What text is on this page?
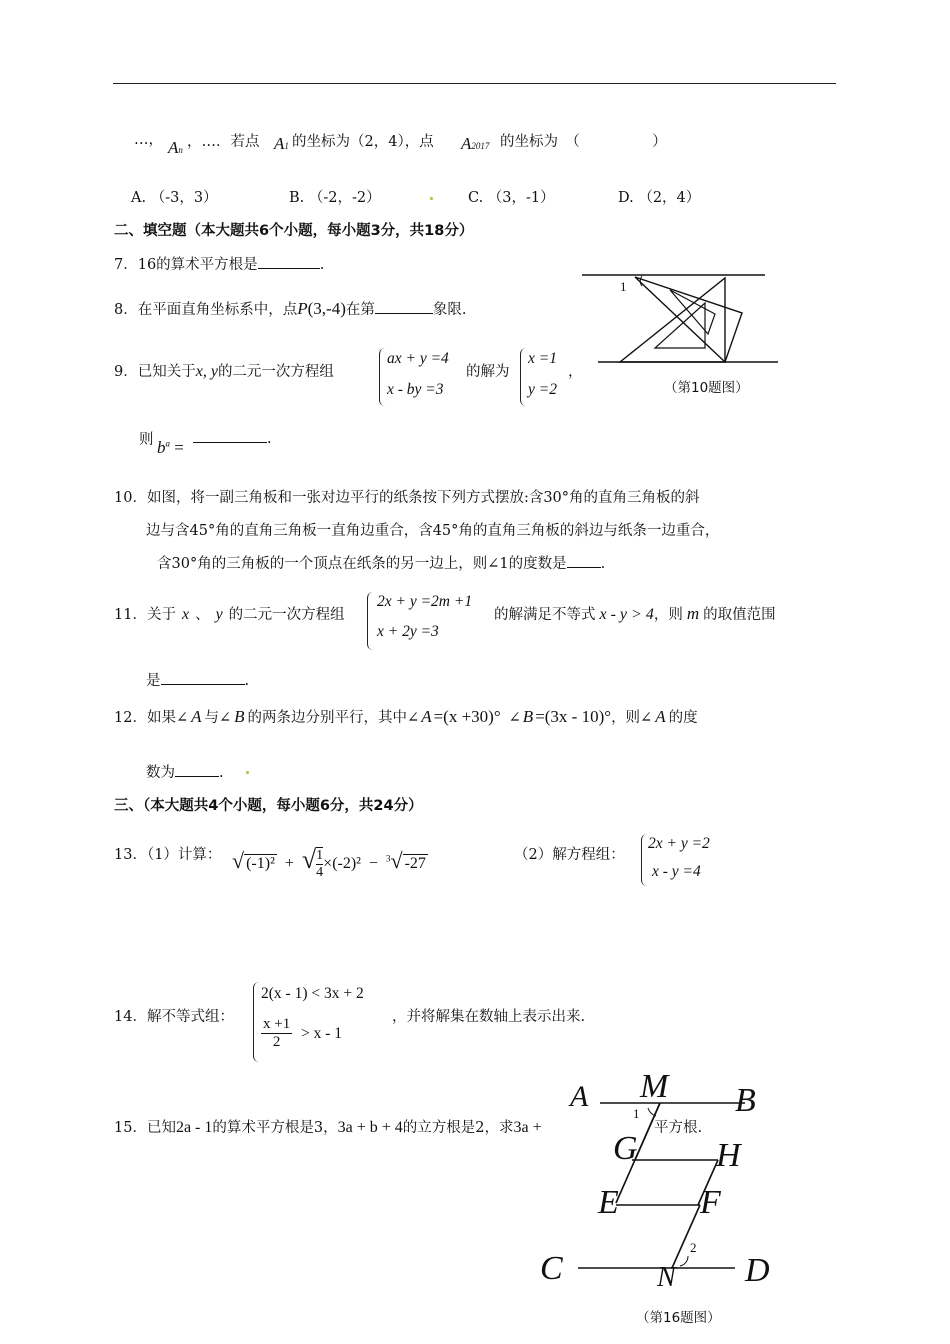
…， An ，…．若点 A1 的坐标为（2，4），点 A2017 的坐标为　（　　　　　）
A. （-3，3）	B. （-2，-2）	C. （3，-1）	D. （2，4）
二、填空题（本大题共6个小题，每小题3分，共18分）
7．16的算术平方根是	.
8．在平面直角坐标系中，点P(3,-4)在第	象限.
9．已知关于x, y的二元一次方程组
ax + y =4
x - by =3
的解为
x =1
y =2
，
则 $b^a$ =	.
1
（第10题图）
10．如图，将一副三角板和一张对边平行的纸条按下列方式摆放:含30°角的直角三角板的斜
边与含45°角的直角三角板一直角边重合，含45°角的直角三角板的斜边与纸条一边重合，
含30°角的三角板的一个顶点在纸条的另一边上，则∠1的度数是 .
11．关于 x 、 y 的二元一次方程组
2x + y =2m +1
x + 2y =3
的解满足不等式 x - y > 4，则 m 的取值范围
是	.
12．如果∠ A 与∠ B 的两条边分别平行，其中∠ A =(x +30)° ∠ B =(3x - 10)°，则∠ A 的度
数为	.
三、（本大题共4个小题，每小题6分，共24分）
13．（1）计算： √ (-1)² + √ $\frac{1}{4} \times(-2)^2 - ^3√$ -27	（2）解方程组：
2x + y =2
x - y =4
14．解不等式组：
2(x - 1) < 3x + 2
$\frac{x +1}{2} > x - 1$
，并将解集在数轴上表示出来.
15．已知2a - 1的算术平方根是3，3a + b + 4的立方根是2，求3a +	平方根.
A M B
1
G H
E F
2
C	N D
（第16题图）
